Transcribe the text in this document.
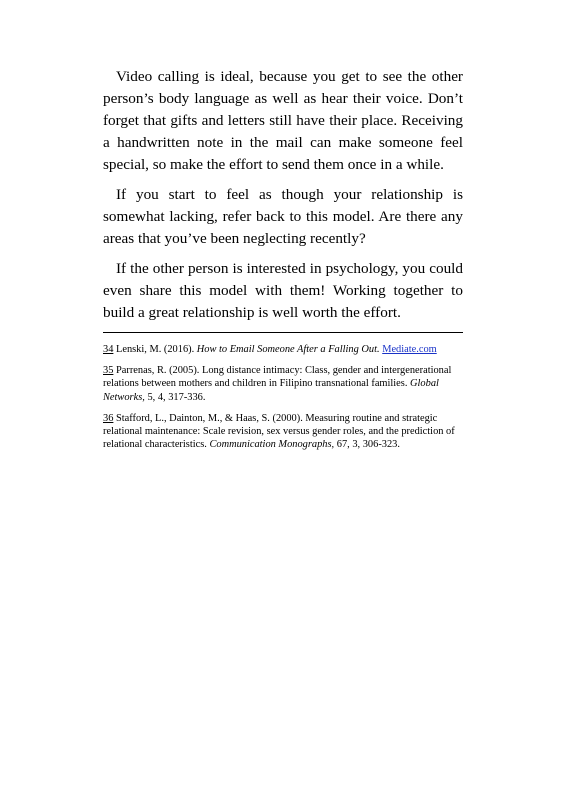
Video calling is ideal, because you get to see the other person’s body language as well as hear their voice. Don’t forget that gifts and letters still have their place. Receiving a handwritten note in the mail can make someone feel special, so make the effort to send them once in a while.

If you start to feel as though your relationship is somewhat lacking, refer back to this model. Are there any areas that you’ve been neglecting recently?

If the other person is interested in psychology, you could even share this model with them! Working together to build a great relationship is well worth the effort.

34 Lenski, M. (2016). How to Email Someone After a Falling Out. Mediate.com

35 Parrenas, R. (2005). Long distance intimacy: Class, gender and intergenerational relations between mothers and children in Filipino transnational families. Global Networks, 5, 4, 317-336.

36 Stafford, L., Dainton, M., & Haas, S. (2000). Measuring routine and strategic relational maintenance: Scale revision, sex versus gender roles, and the prediction of relational characteristics. Communication Monographs, 67, 3, 306-323.
